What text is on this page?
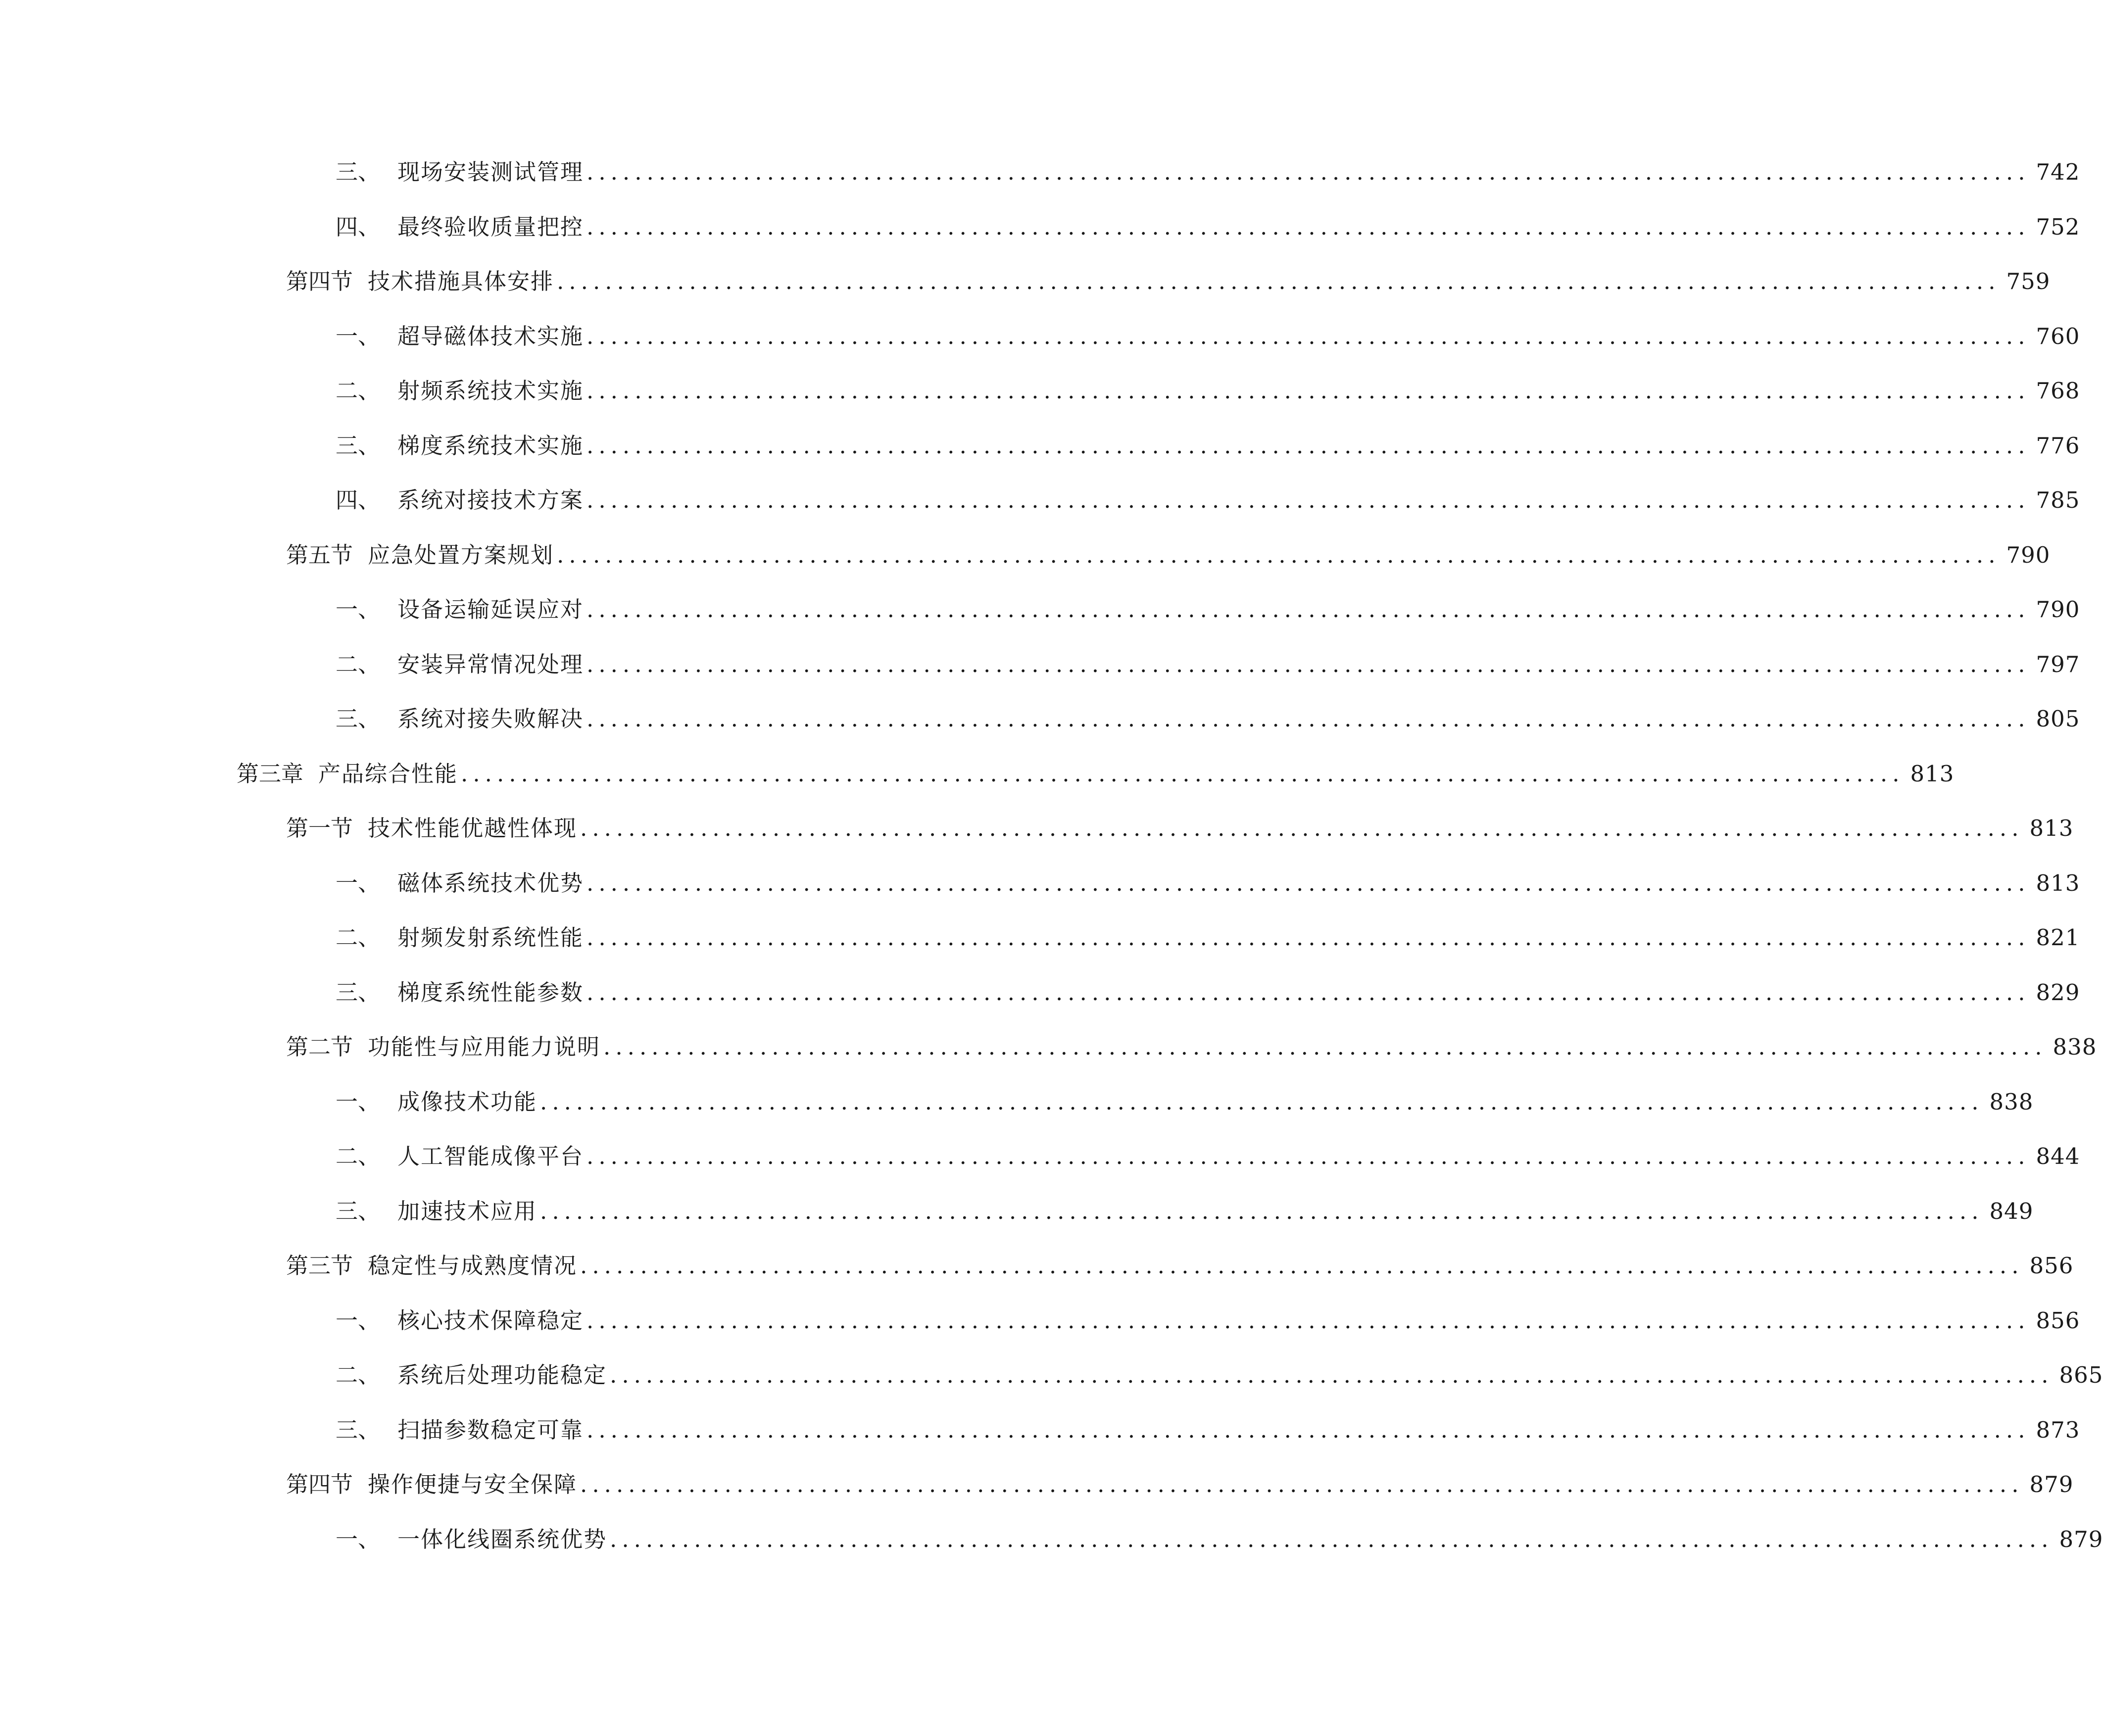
三、 现场安装测试管理 ........................................................................................................................ 742
四、 最终验收质量把控 ........................................................................................................................ 752
第四节 技术措施具体安排 ........................................................................................................................ 759
一、 超导磁体技术实施 ........................................................................................................................ 760
二、 射频系统技术实施 ........................................................................................................................ 768
三、 梯度系统技术实施 ........................................................................................................................ 776
四、 系统对接技术方案 ........................................................................................................................ 785
第五节 应急处置方案规划 ........................................................................................................................ 790
一、 设备运输延误应对 ........................................................................................................................ 790
二、 安装异常情况处理 ........................................................................................................................ 797
三、 系统对接失败解决 ........................................................................................................................ 805
第三章 产品综合性能 ........................................................................................................................ 813
第一节 技术性能优越性体现 ........................................................................................................................ 813
一、 磁体系统技术优势 ........................................................................................................................ 813
二、 射频发射系统性能 ........................................................................................................................ 821
三、 梯度系统性能参数 ........................................................................................................................ 829
第二节 功能性与应用能力说明 ........................................................................................................................ 838
一、 成像技术功能 ........................................................................................................................ 838
二、 人工智能成像平台 ........................................................................................................................ 844
三、 加速技术应用 ........................................................................................................................ 849
第三节 稳定性与成熟度情况 ........................................................................................................................ 856
一、 核心技术保障稳定 ........................................................................................................................ 856
二、 系统后处理功能稳定 ........................................................................................................................ 865
三、 扫描参数稳定可靠 ........................................................................................................................ 873
第四节 操作便捷与安全保障 ........................................................................................................................ 879
一、 一体化线圈系统优势 ........................................................................................................................ 879
